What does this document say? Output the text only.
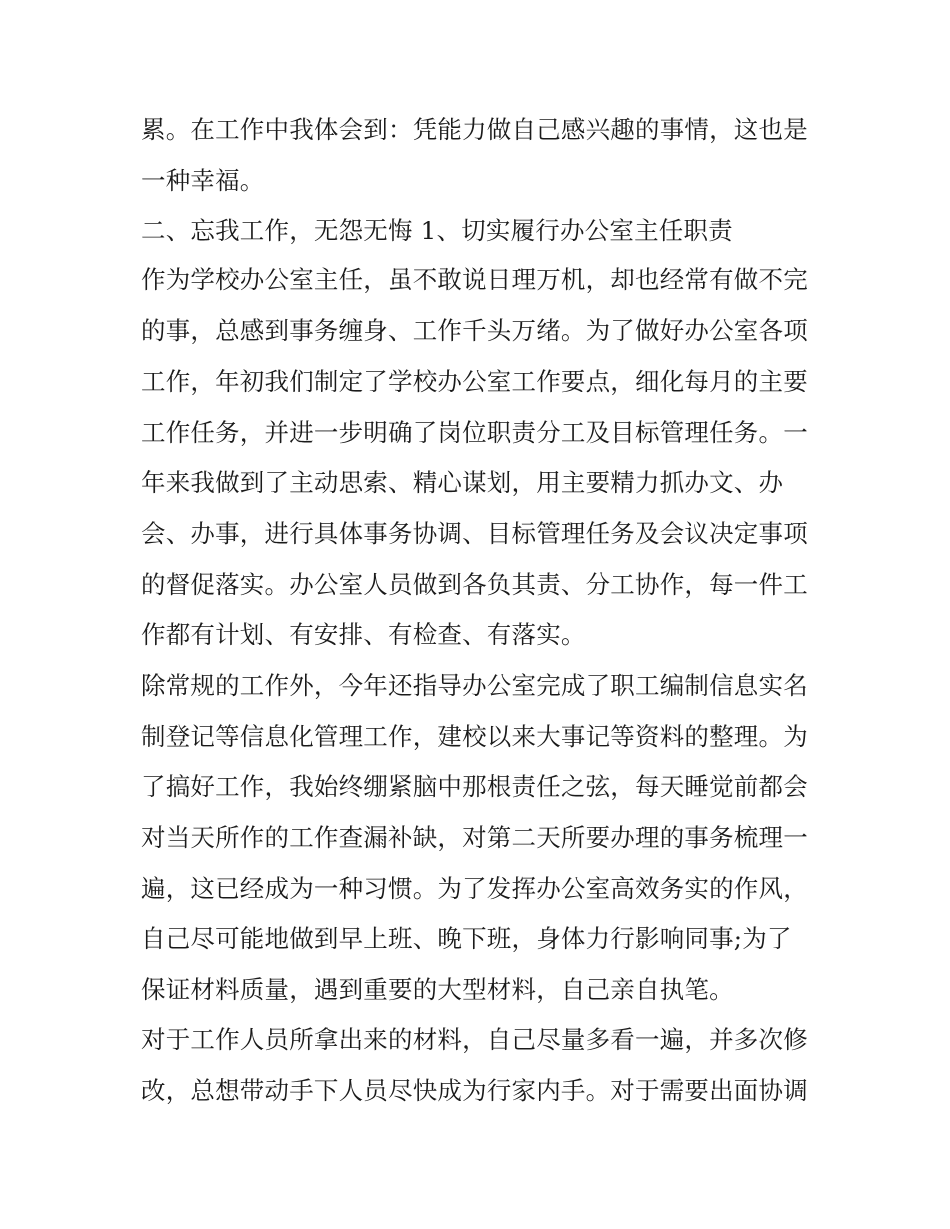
累。在工作中我体会到：凭能力做自己感兴趣的事情，这也是
一种幸福。
二、忘我工作，无怨无悔 1、切实履行办公室主任职责
作为学校办公室主任，虽不敢说日理万机，却也经常有做不完
的事，总感到事务缠身、工作千头万绪。为了做好办公室各项
工作，年初我们制定了学校办公室工作要点，细化每月的主要
工作任务，并进一步明确了岗位职责分工及目标管理任务。一
年来我做到了主动思索、精心谋划，用主要精力抓办文、办
会、办事，进行具体事务协调、目标管理任务及会议决定事项
的督促落实。办公室人员做到各负其责、分工协作，每一件工
作都有计划、有安排、有检查、有落实。
除常规的工作外，今年还指导办公室完成了职工编制信息实名
制登记等信息化管理工作，建校以来大事记等资料的整理。为
了搞好工作，我始终绷紧脑中那根责任之弦，每天睡觉前都会
对当天所作的工作查漏补缺，对第二天所要办理的事务梳理一
遍，这已经成为一种习惯。为了发挥办公室高效务实的作风，
自己尽可能地做到早上班、晚下班，身体力行影响同事;为了
保证材料质量，遇到重要的大型材料，自己亲自执笔。
对于工作人员所拿出来的材料，自己尽量多看一遍，并多次修
改，总想带动手下人员尽快成为行家内手。对于需要出面协调
